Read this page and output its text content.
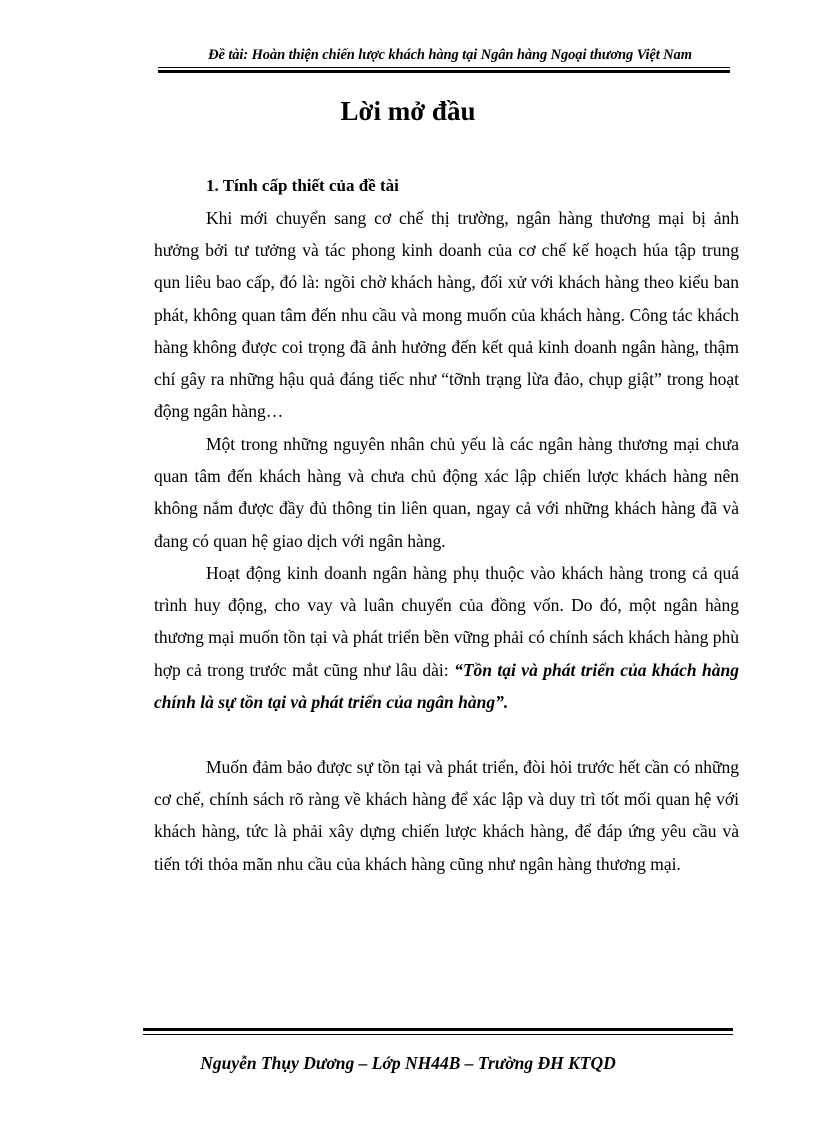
Đề tài: Hoàn thiện chiến lược khách hàng tại Ngân hàng Ngoại thương Việt Nam
Lời mở đầu
1. Tính cấp thiết của đề tài

Khi mới chuyển sang cơ chế thị trường, ngân hàng thương mại bị ảnh hưởng bởi tư tưởng và tác phong kinh doanh của cơ chế kế hoạch húa tập trung qun liêu bao cấp, đó là: ngồi chờ khách hàng, đối xử với khách hàng theo kiểu ban phát, không quan tâm đến nhu cầu và mong muốn của khách hàng. Công tác khách hàng không được coi trọng đã ảnh hưởng đến kết quả kinh doanh ngân hàng, thậm chí gây ra những hậu quả đáng tiếc như “tỡnh trạng lừa đảo, chụp giật” trong hoạt động ngân hàng…

Một trong những nguyên nhân chủ yếu là các ngân hàng thương mại chưa quan tâm đến khách hàng và chưa chủ động xác lập chiến lược khách hàng nên không nắm được đầy đủ thông tin liên quan, ngay cả với những khách hàng đã và đang có quan hệ giao dịch với ngân hàng.

Hoạt động kinh doanh ngân hàng phụ thuộc vào khách hàng trong cả quá trình huy động, cho vay và luân chuyển của đồng vốn. Do đó, một ngân hàng thương mại muốn tồn tại và phát triển bền vững phải có chính sách khách hàng phù hợp cả trong trước mắt cũng như lâu dài: “Tồn tại và phát triển của khách hàng chính là sự tồn tại và phát triển của ngân hàng”.

Muốn đảm bảo được sự tồn tại và phát triển, đòi hỏi trước hết cần có những cơ chế, chính sách rõ ràng về khách hàng để xác lập và duy trì tốt mối quan hệ với khách hàng, tức là phải xây dựng chiến lược khách hàng, để đáp ứng yêu cầu và tiến tới thỏa mãn nhu cầu của khách hàng cũng như ngân hàng thương mại.

Nguyễn Thụy Dương – Lớp NH44B – Trường ĐH KTQD
